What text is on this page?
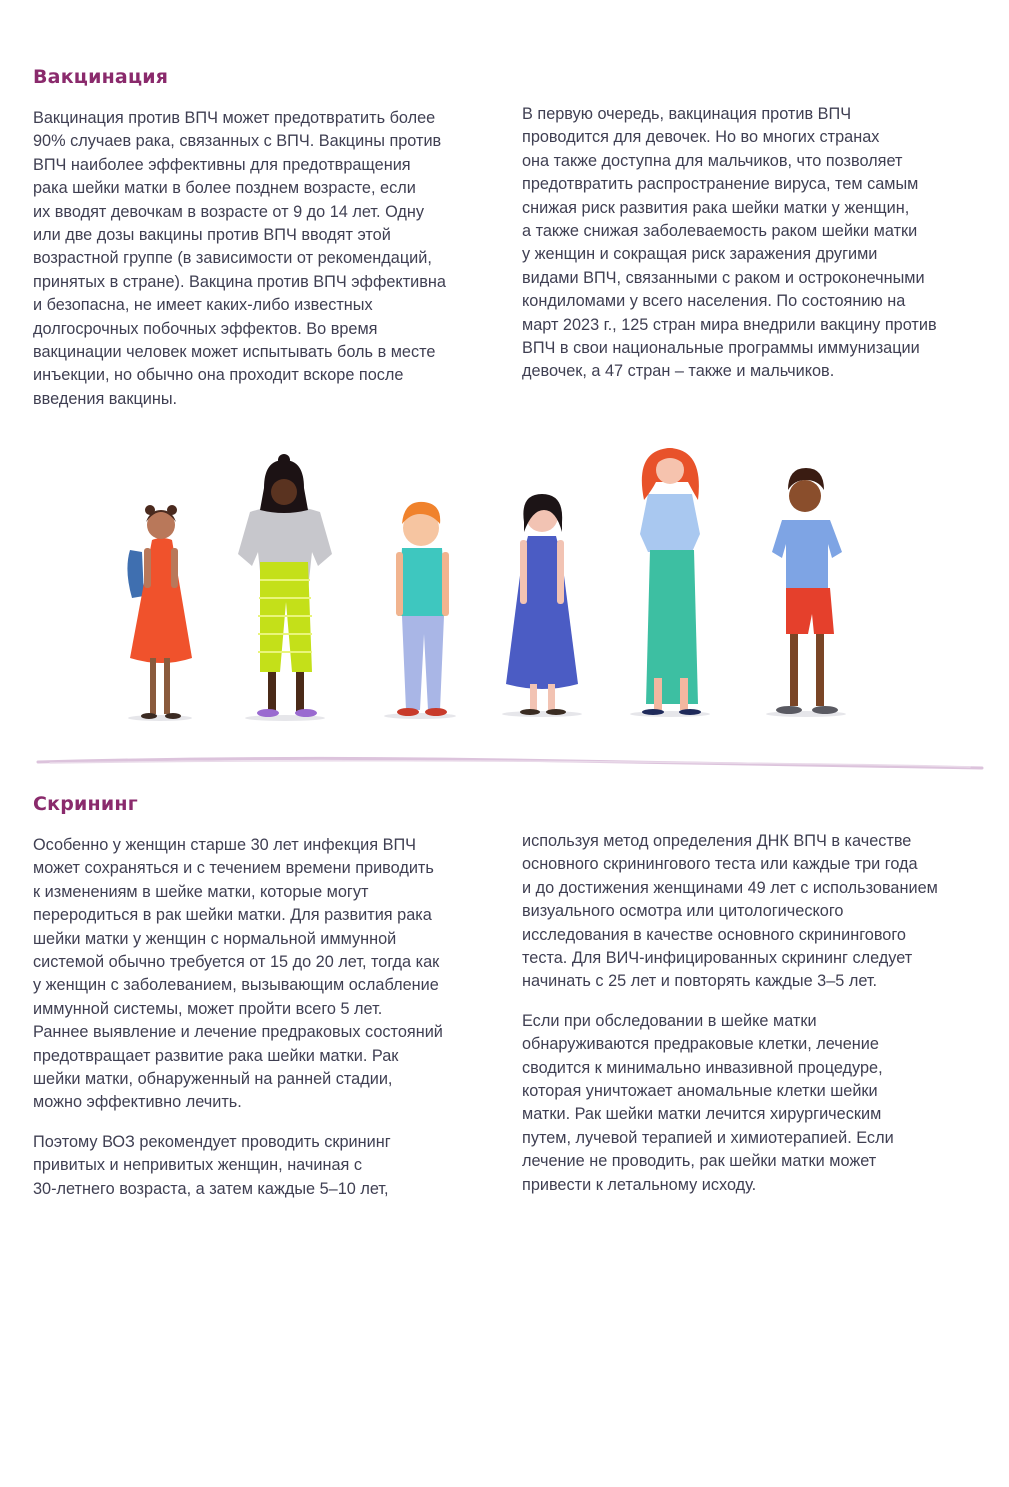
Вакцинация

Вакцинация против ВПЧ может предотвратить более
90% случаев рака, связанных с ВПЧ. Вакцины против
ВПЧ наиболее эффективны для предотвращения
рака шейки матки в более позднем возрасте, если
их вводят девочкам в возрасте от 9 до 14 лет. Одну
или две дозы вакцины против ВПЧ вводят этой
возрастной группе (в зависимости от рекомендаций,
принятых в стране). Вакцина против ВПЧ эффективна
и безопасна, не имеет каких-либо известных
долгосрочных побочных эффектов. Во время
вакцинации человек может испытывать боль в месте
инъекции, но обычно она проходит вскоре после
введения вакцины.

В первую очередь, вакцинация против ВПЧ
проводится для девочек. Но во многих странах
она также доступна для мальчиков, что позволяет
предотвратить распространение вируса, тем самым
снижая риск развития рака шейки матки у женщин,
а также снижая заболеваемость раком шейки матки
у женщин и сокращая риск заражения другими
видами ВПЧ, связанными с раком и остроконечными
кондиломами у всего населения. По состоянию на
март 2023 г., 125 стран мира внедрили вакцину против
ВПЧ в свои национальные программы иммунизации
девочек, а 47 стран – также и мальчиков.

Скрининг

Особенно у женщин старше 30 лет инфекция ВПЧ
может сохраняться и с течением времени приводить
к изменениям в шейке матки, которые могут
переродиться в рак шейки матки. Для развития рака
шейки матки у женщин с нормальной иммунной
системой обычно требуется от 15 до 20 лет, тогда как
у женщин с заболеванием, вызывающим ослабление
иммунной системы, может пройти всего 5 лет.
Раннее выявление и лечение предраковых состояний
предотвращает развитие рака шейки матки. Рак
шейки матки, обнаруженный на ранней стадии,
можно эффективно лечить.

Поэтому ВОЗ рекомендует проводить скрининг
привитых и непривитых женщин, начиная с
30-летнего возраста, а затем каждые 5–10 лет,

используя метод определения ДНК ВПЧ в качестве
основного скринингового теста или каждые три года
и до достижения женщинами 49 лет с использованием
визуального осмотра или цитологического
исследования в качестве основного скринингового
теста. Для ВИЧ-инфицированных скрининг следует
начинать с 25 лет и повторять каждые 3–5 лет.

Если при обследовании в шейке матки
обнаруживаются предраковые клетки, лечение
сводится к минимально инвазивной процедуре,
которая уничтожает аномальные клетки шейки
матки. Рак шейки матки лечится хирургическим
путем, лучевой терапией и химиотерапией. Если
лечение не проводить, рак шейки матки может
привести к летальному исходу.
